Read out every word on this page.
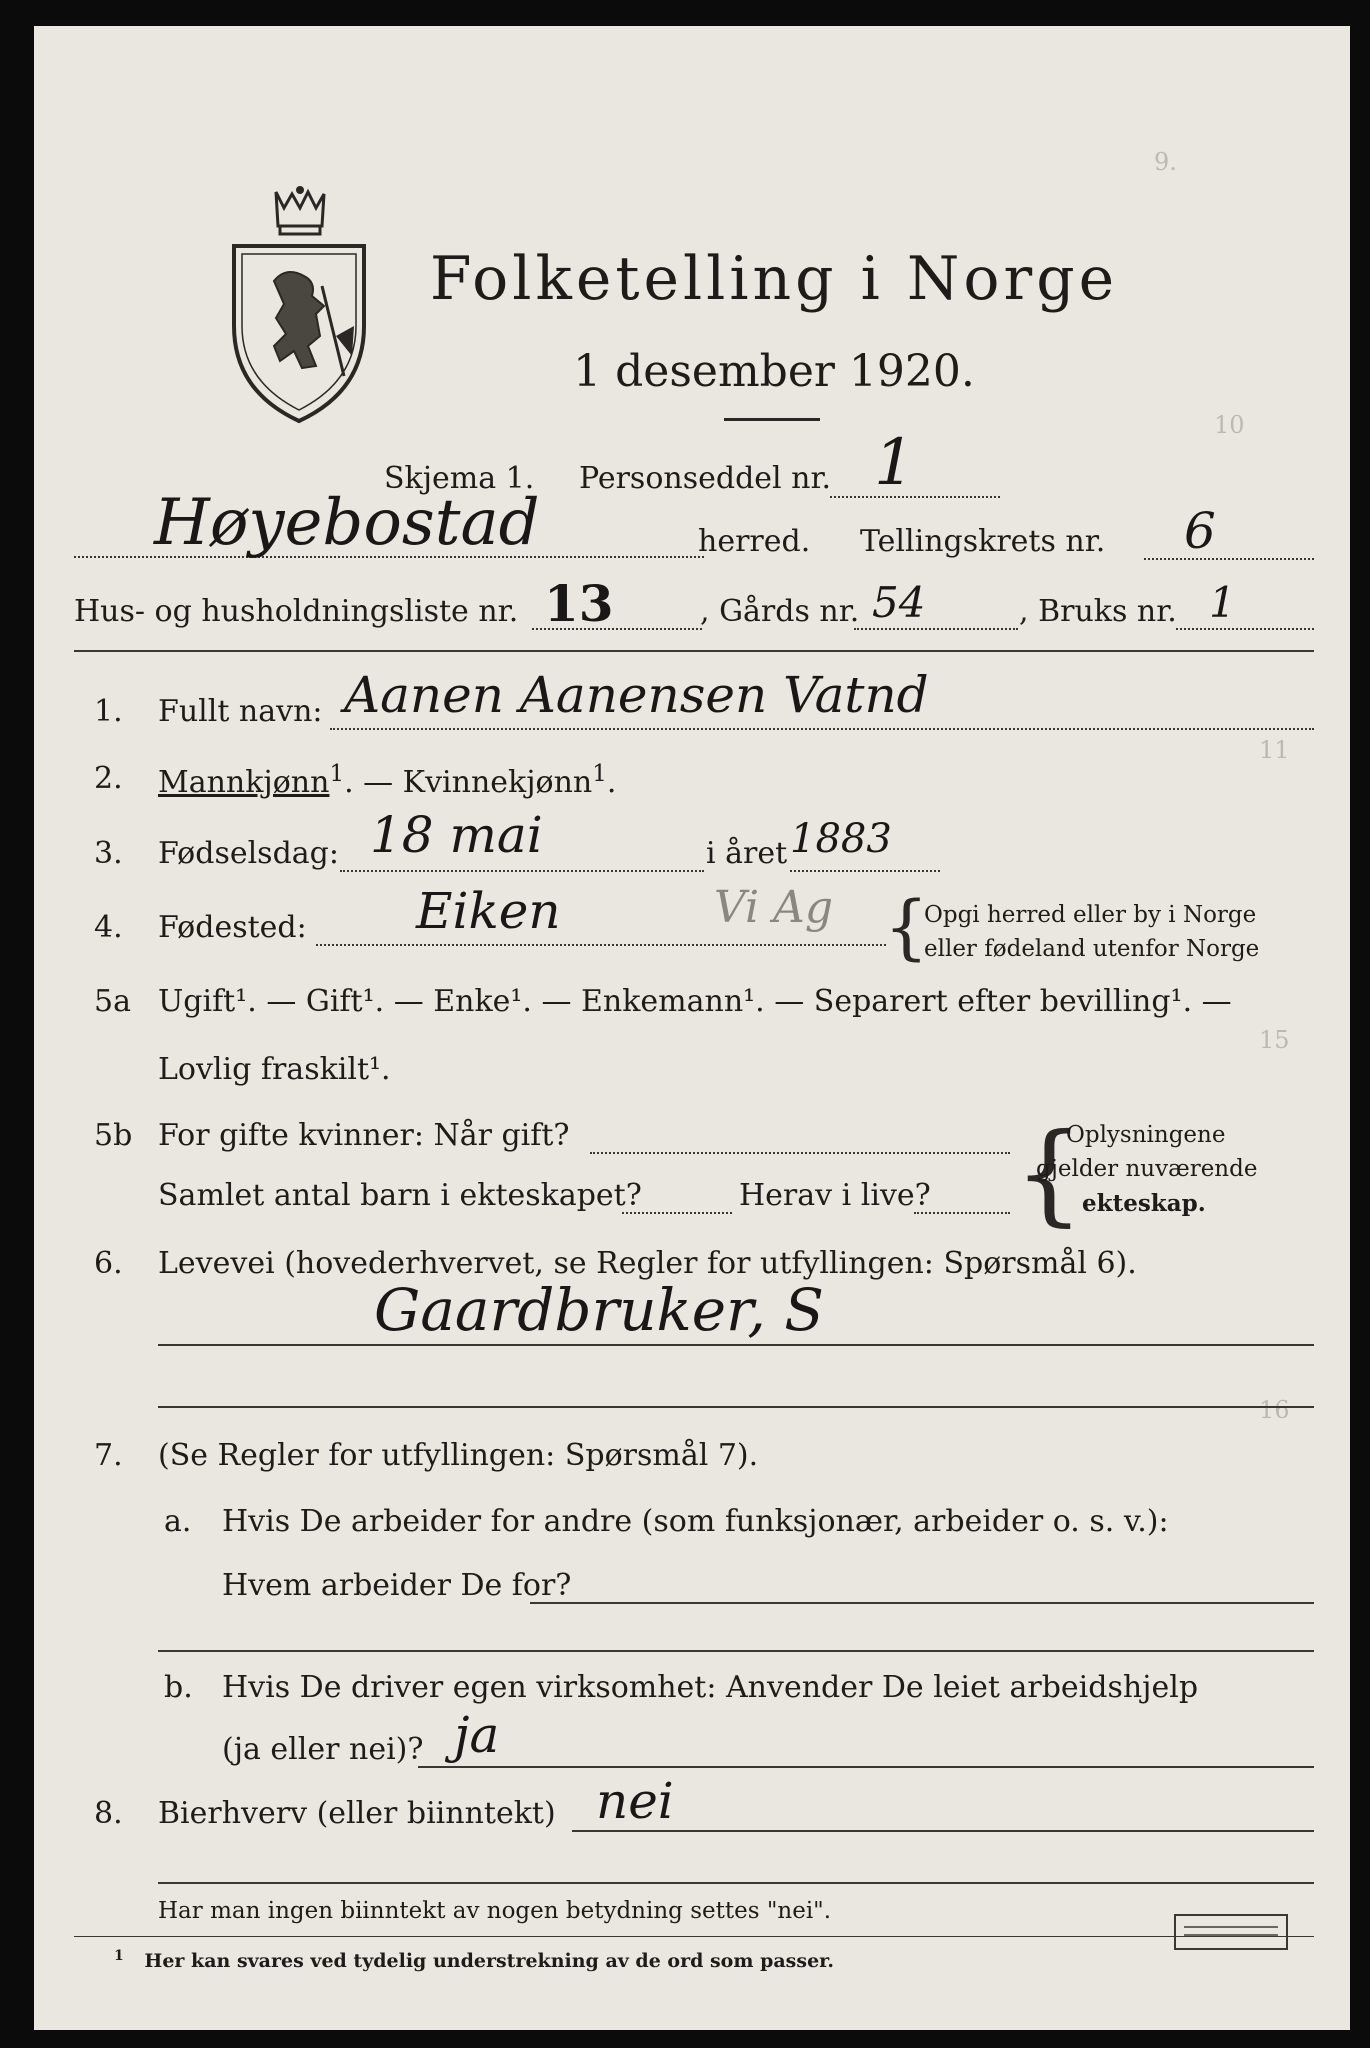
9.
10
11
15
16
Folketelling i Norge
1 desember 1920.
Skjema 1. Personseddel nr. 1
Høyebostad	herred. Tellingskrets nr. 6
Hus- og husholdningsliste nr. 13	, Gårds nr. 54	, Bruks nr. 1
1. Fullt navn: Aanen Aanensen Vatnd
2. Mannkjønn$^1$. — Kvinnekjønn$^1$.
3. Fødselsdag: 18 mai	i året 1883
4. Fødested: Eiken	Vi Ag {
Opgi herred eller by i Norge
eller fødeland utenfor Norge
5a Ugift¹. — Gift¹. — Enke¹. — Enkemann¹. — Separert efter bevilling¹. —
Lovlig fraskilt¹.
5b For gifte kvinner: Når gift?
Samlet antal barn i ekteskapet?	Herav i live? {
Oplysningene
gjelder nuværende
ekteskap.
6. Levevei (hovederhvervet, se Regler for utfyllingen: Spørsmål 6).
Gaardbruker, S
7. (Se Regler for utfyllingen: Spørsmål 7).
a. Hvis De arbeider for andre (som funksjonær, arbeider o. s. v.):
Hvem arbeider De for?
b. Hvis De driver egen virksomhet: Anvender De leiet arbeidshjelp
(ja eller nei)? ja
8. Bierhverv (eller biinntekt) nei
Har man ingen biinntekt av nogen betydning settes "nei".
$^1$ Her kan svares ved tydelig understrekning av de ord som passer.
